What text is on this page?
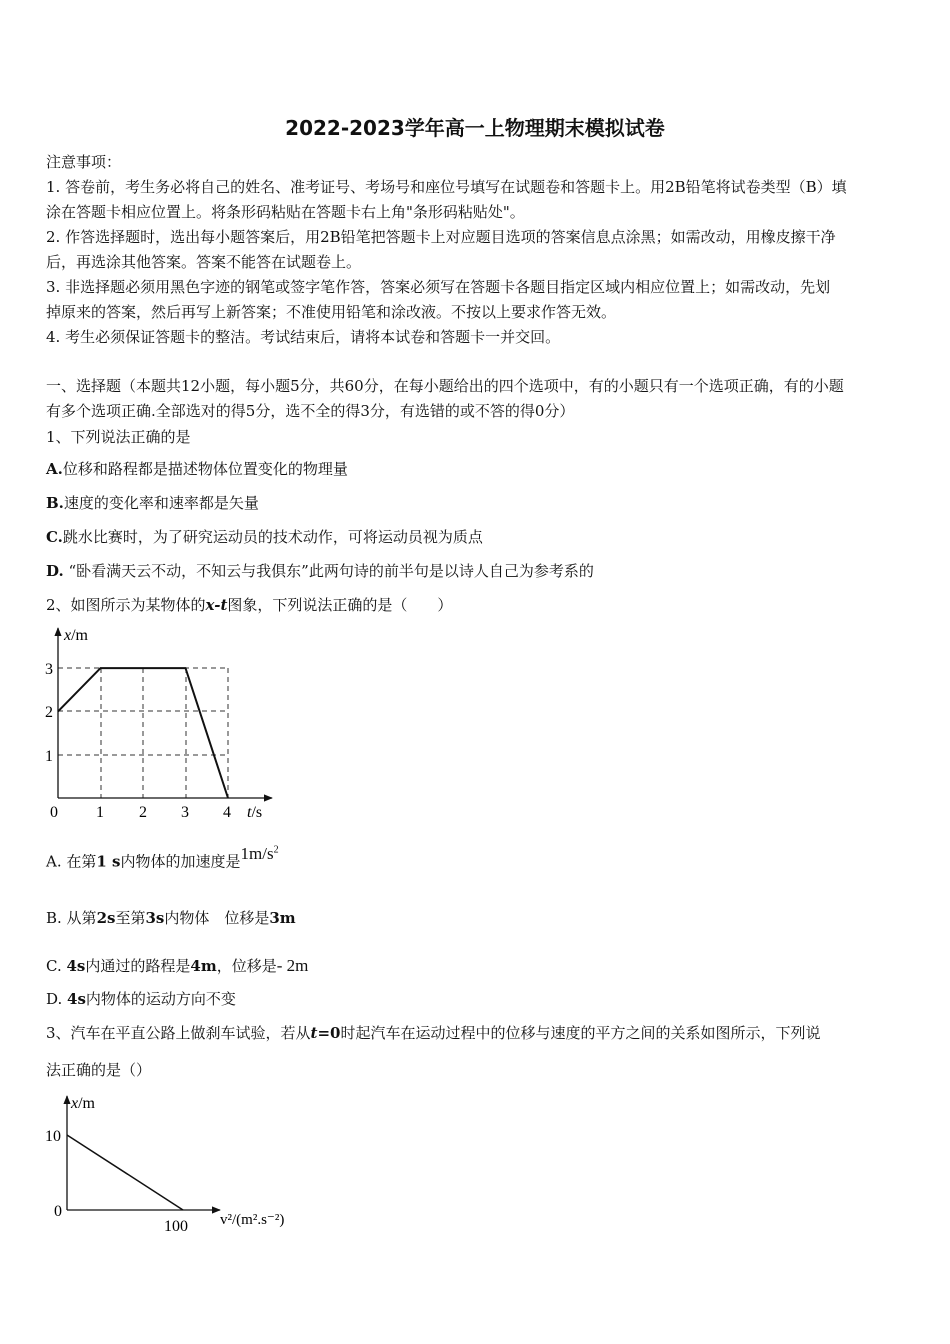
2022-2023学年高一上物理期末模拟试卷
注意事项：
1. 答卷前，考生务必将自己的姓名、准考证号、考场号和座位号填写在试题卷和答题卡上。用2B铅笔将试卷类型（B）填
涂在答题卡相应位置上。将条形码粘贴在答题卡右上角"条形码粘贴处"。
2. 作答选择题时，选出每小题答案后，用2B铅笔把答题卡上对应题目选项的答案信息点涂黑；如需改动，用橡皮擦干净
后，再选涂其他答案。答案不能答在试题卷上。
3. 非选择题必须用黑色字迹的钢笔或签字笔作答，答案必须写在答题卡各题目指定区域内相应位置上；如需改动，先划
掉原来的答案，然后再写上新答案；不准使用铅笔和涂改液。不按以上要求作答无效。
4. 考生必须保证答题卡的整洁。考试结束后，请将本试卷和答题卡一并交回。
一、选择题（本题共12小题，每小题5分，共60分，在每小题给出的四个选项中，有的小题只有一个选项正确，有的小题
有多个选项正确.全部选对的得5分，选不全的得3分，有选错的或不答的得0分）
1、下列说法正确的是
A.位移和路程都是描述物体位置变化的物理量
B.速度的变化率和速率都是矢量
C.跳水比赛时，为了研究运动员的技术动作，可将运动员视为质点
D. “卧看满天云不动，不知云与我俱东”此两句诗的前半句是以诗人自己为参考系的
2、如图所示为某物体的x-t图象，下列说法正确的是（　　）
x/m
t/s
3
2
1
0 1 2 3 4
A. 在第1 s内物体的加速度是$1m/s^2$
B. 从第2s至第3s内物体　位移是3m
C. 4s内通过的路程是4m，位移是- 2m
D. 4s内物体的运动方向不变
3、汽车在平直公路上做刹车试验，若从t=0时起汽车在运动过程中的位移与速度的平方之间的关系如图所示，下列说
法正确的是（）
x/m
10
0
100 v²/(m².s⁻²)
